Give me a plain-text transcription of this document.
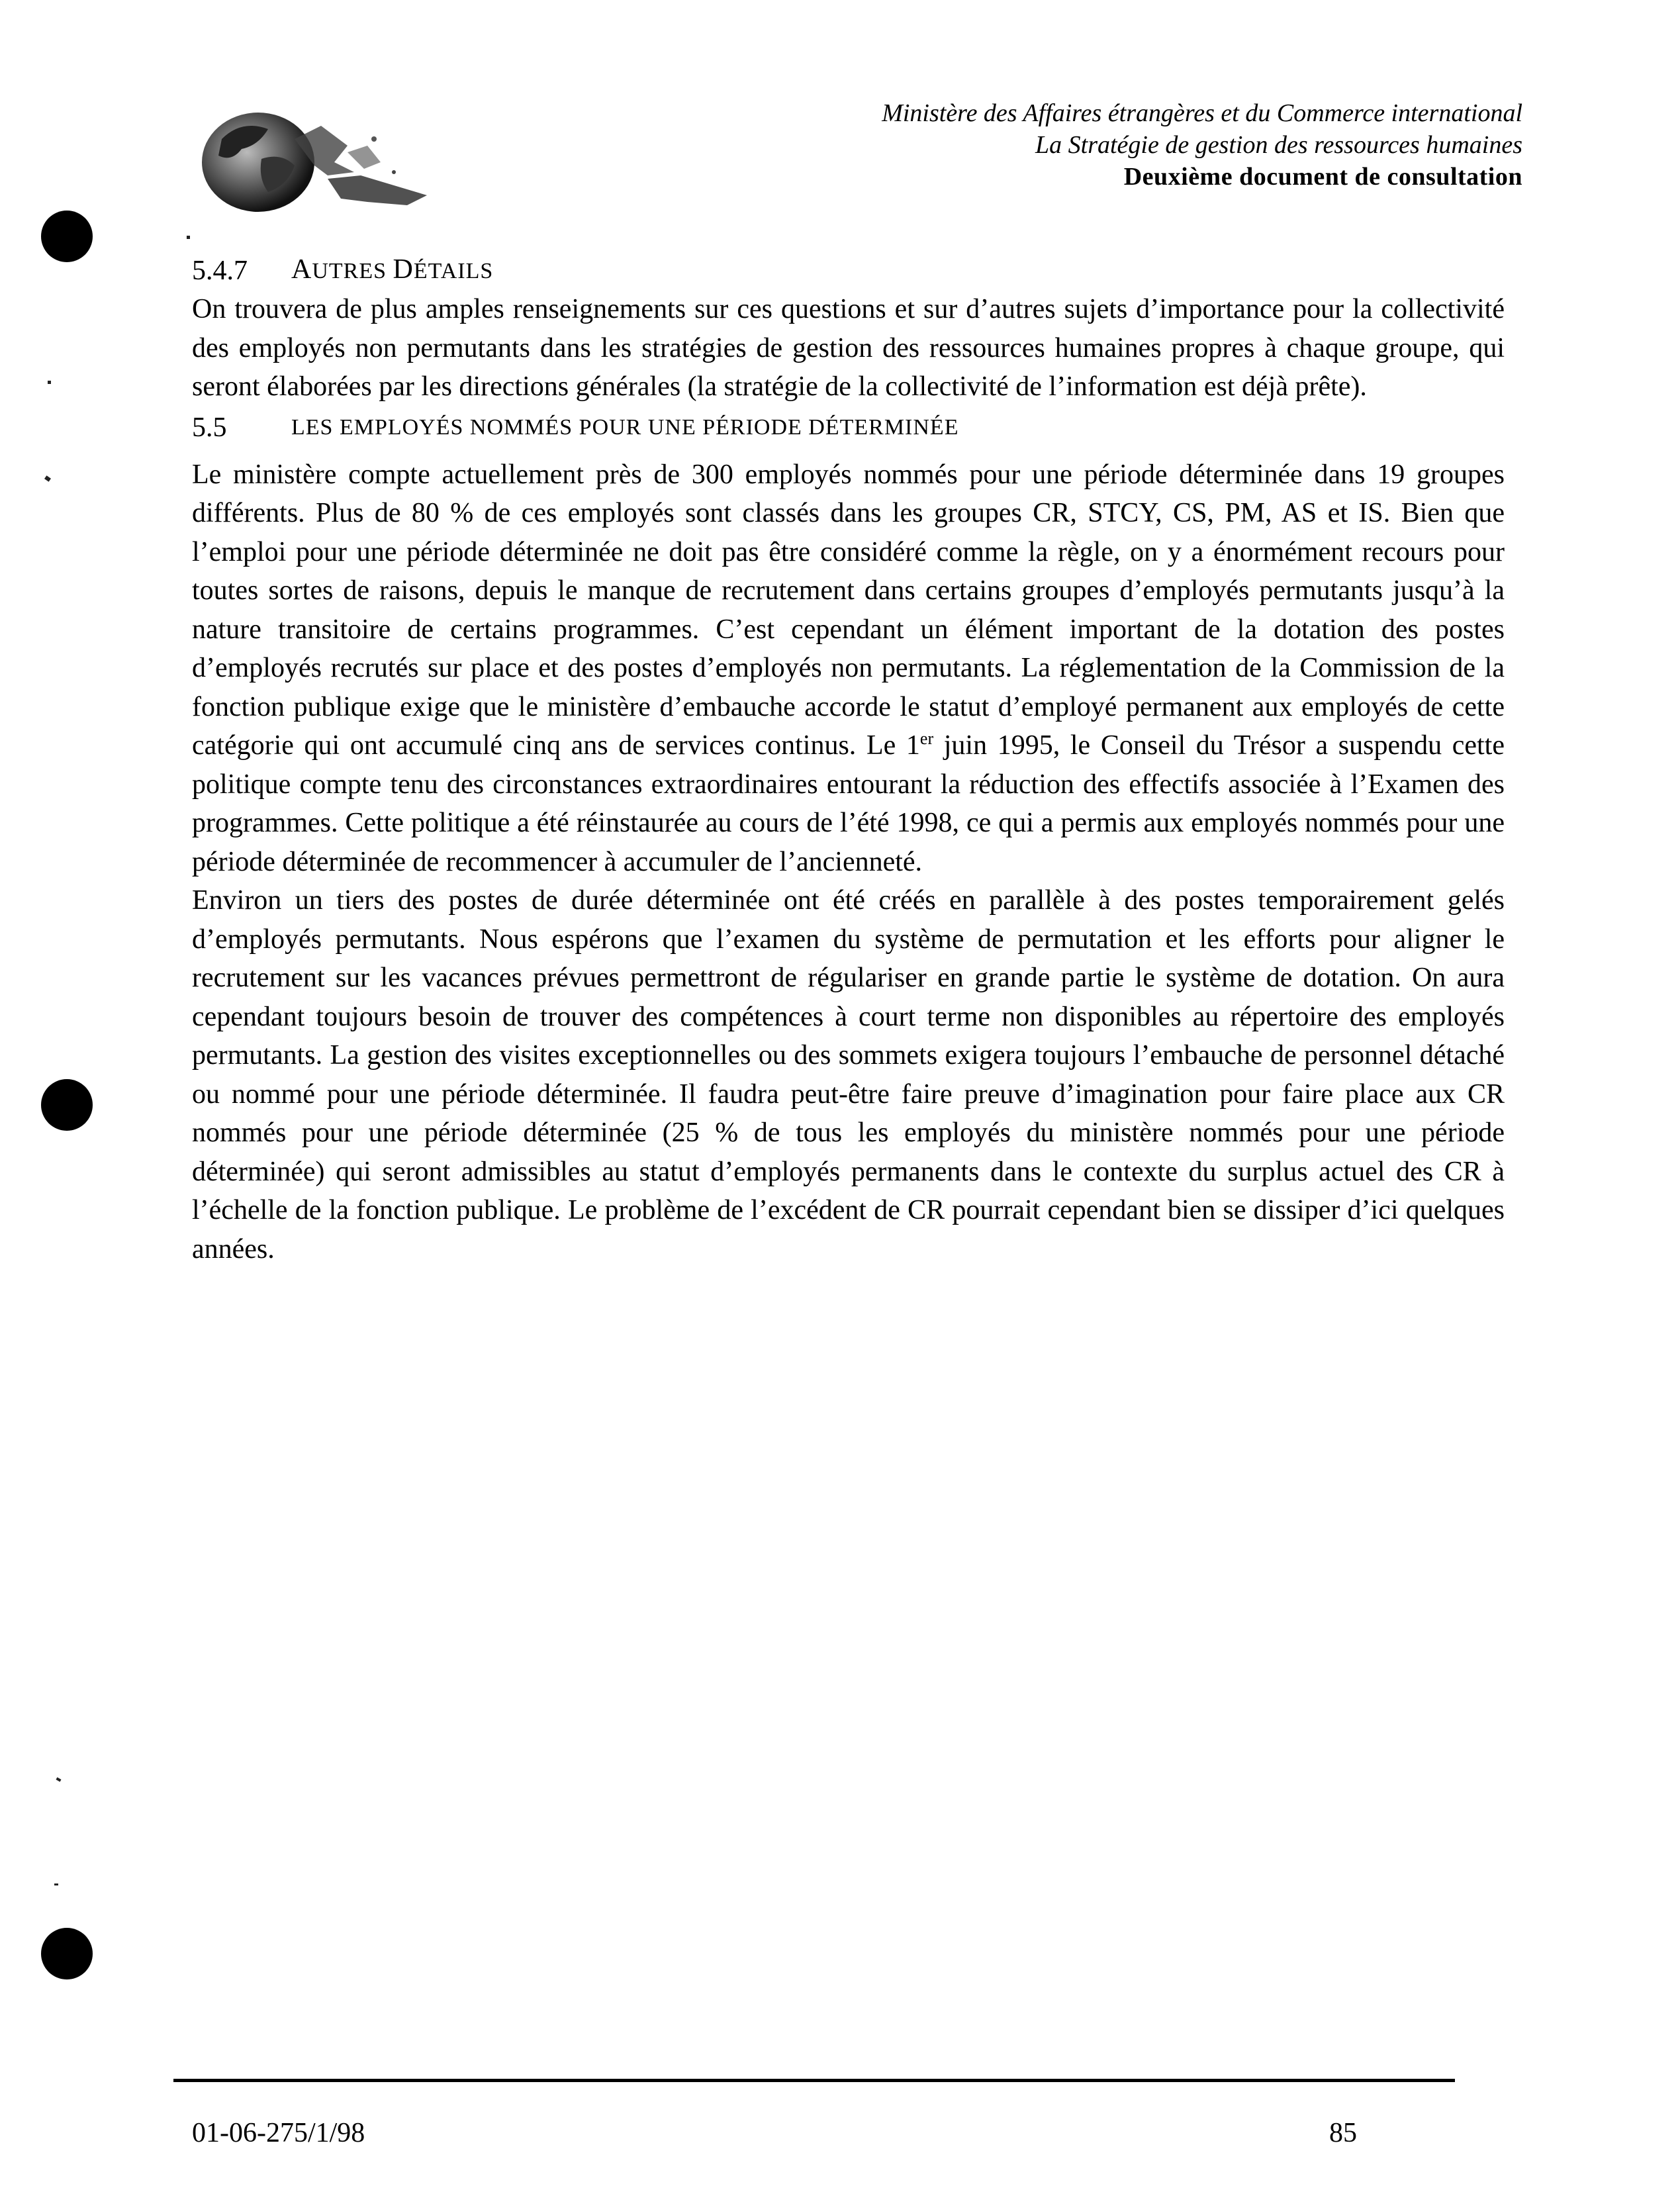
Ministère des Affaires étrangères et du Commerce international
La Stratégie de gestion des ressources humaines
Deuxième document de consultation
5.4.7	AUTRES DÉTAILS

On trouvera de plus amples renseignements sur ces questions et sur d’autres sujets d’importance pour la collectivité des employés non permutants dans les stratégies de gestion des ressources humaines propres à chaque groupe, qui seront élaborées par les directions générales (la stratégie de la collectivité de l’information est déjà prête).

5.5	LES EMPLOYÉS NOMMÉS POUR UNE PÉRIODE DÉTERMINÉE

Le ministère compte actuellement près de 300 employés nommés pour une période déterminée dans 19 groupes différents. Plus de 80 % de ces employés sont classés dans les groupes CR, STCY, CS, PM, AS et IS. Bien que l’emploi pour une période déterminée ne doit pas être considéré comme la règle, on y a énormément recours pour toutes sortes de raisons, depuis le manque de recrutement dans certains groupes d’employés permutants jusqu’à la nature transitoire de certains programmes. C’est cependant un élément important de la dotation des postes d’employés recrutés sur place et des postes d’employés non permutants. La réglementation de la Commission de la fonction publique exige que le ministère d’embauche accorde le statut d’employé permanent aux employés de cette catégorie qui ont accumulé cinq ans de services continus. Le 1er juin 1995, le Conseil du Trésor a suspendu cette politique compte tenu des circonstances extraordinaires entourant la réduction des effectifs associée à l’Examen des programmes. Cette politique a été réinstaurée au cours de l’été 1998, ce qui a permis aux employés nommés pour une période déterminée de recommencer à accumuler de l’ancienneté.

Environ un tiers des postes de durée déterminée ont été créés en parallèle à des postes temporairement gelés d’employés permutants. Nous espérons que l’examen du système de permutation et les efforts pour aligner le recrutement sur les vacances prévues permettront de régulariser en grande partie le système de dotation. On aura cependant toujours besoin de trouver des compétences à court terme non disponibles au répertoire des employés permutants. La gestion des visites exceptionnelles ou des sommets exigera toujours l’embauche de personnel détaché ou nommé pour une période déterminée. Il faudra peut-être faire preuve d’imagination pour faire place aux CR nommés pour une période déterminée (25 % de tous les employés du ministère nommés pour une période déterminée) qui seront admissibles au statut d’employés permanents dans le contexte du surplus actuel des CR à l’échelle de la fonction publique. Le problème de l’excédent de CR pourrait cependant bien se dissiper d’ici quelques années.

01-06-275/1/98	85
